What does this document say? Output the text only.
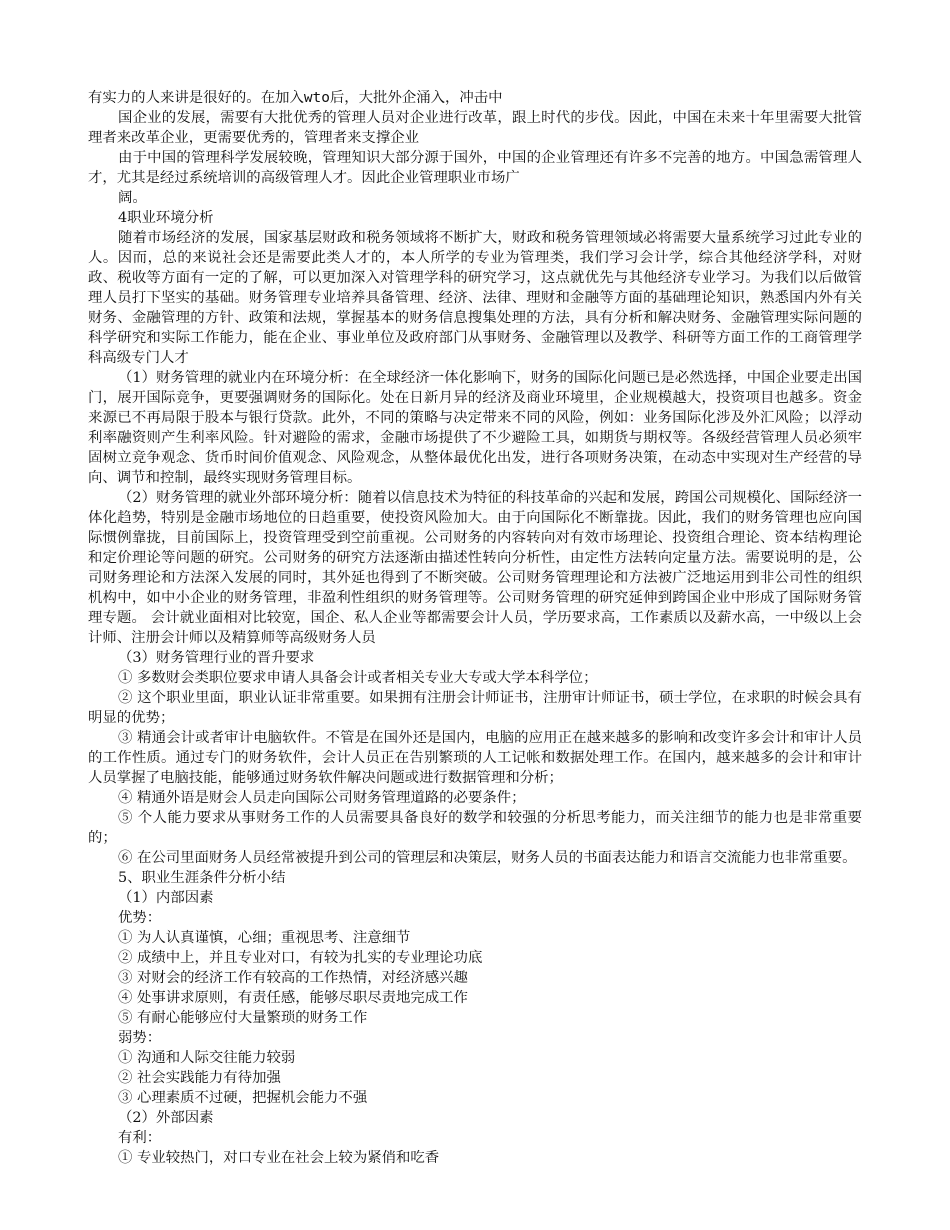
有实力的人来讲是很好的。在加入wto后，大批外企涌入，冲击中

国企业的发展，需要有大批优秀的管理人员对企业进行改革，跟上时代的步伐。因此，中国在未来十年里需要大批管理者来改革企业，更需要优秀的，管理者来支撑企业

由于中国的管理科学发展较晚，管理知识大部分源于国外，中国的企业管理还有许多不完善的地方。中国急需管理人才，尤其是经过系统培训的高级管理人才。因此企业管理职业市场广

阔。

4职业环境分析

随着市场经济的发展，国家基层财政和税务领域将不断扩大，财政和税务管理领域必将需要大量系统学习过此专业的人。因而，总的来说社会还是需要此类人才的，本人所学的专业为管理类，我们学习会计学，综合其他经济学科，对财政、税收等方面有一定的了解，可以更加深入对管理学科的研究学习，这点就优先与其他经济专业学习。为我们以后做管理人员打下坚实的基础。财务管理专业培养具备管理、经济、法律、理财和金融等方面的基础理论知识，熟悉国内外有关财务、金融管理的方针、政策和法规，掌握基本的财务信息搜集处理的方法，具有分析和解决财务、金融管理实际问题的科学研究和实际工作能力，能在企业、事业单位及政府部门从事财务、金融管理以及教学、科研等方面工作的工商管理学科高级专门人才

（1）财务管理的就业内在环境分析：在全球经济一体化影响下，财务的国际化问题已是必然选择，中国企业要走出国门，展开国际竞争，更要强调财务的国际化。处在日新月异的经济及商业环境里，企业规模越大，投资项目也越多。资金来源已不再局限于股本与银行贷款。此外，不同的策略与决定带来不同的风险，例如：业务国际化涉及外汇风险；以浮动利率融资则产生利率风险。针对避险的需求，金融市场提供了不少避险工具，如期货与期权等。各级经营管理人员必须牢固树立竞争观念、货币时间价值观念、风险观念，从整体最优化出发，进行各项财务决策，在动态中实现对生产经营的导向、调节和控制，最终实现财务管理目标。

（2）财务管理的就业外部环境分析：随着以信息技术为特征的科技革命的兴起和发展，跨国公司规模化、国际经济一体化趋势，特别是金融市场地位的日趋重要，使投资风险加大。由于向国际化不断靠拢。因此，我们的财务管理也应向国际惯例靠拢，目前国际上，投资管理受到空前重视。公司财务的内容转向对有效市场理论、投资组合理论、资本结构理论和定价理论等问题的研究。公司财务的研究方法逐渐由描述性转向分析性，由定性方法转向定量方法。需要说明的是，公司财务理论和方法深入发展的同时，其外延也得到了不断突破。公司财务管理理论和方法被广泛地运用到非公司性的组织机构中，如中小企业的财务管理，非盈利性组织的财务管理等。公司财务管理的研究延伸到跨国企业中形成了国际财务管理专题。 会计就业面相对比较宽，国企、私人企业等都需要会计人员，学历要求高，工作素质以及薪水高，一中级以上会计师、注册会计师以及精算师等高级财务人员

（3）财务管理行业的晋升要求

① 多数财会类职位要求申请人具备会计或者相关专业大专或大学本科学位；

② 这个职业里面，职业认证非常重要。如果拥有注册会计师证书，注册审计师证书，硕士学位，在求职的时候会具有明显的优势；

③ 精通会计或者审计电脑软件。不管是在国外还是国内，电脑的应用正在越来越多的影响和改变许多会计和审计人员的工作性质。通过专门的财务软件，会计人员正在告别繁琐的人工记帐和数据处理工作。在国内，越来越多的会计和审计人员掌握了电脑技能，能够通过财务软件解决问题或进行数据管理和分析；

④ 精通外语是财会人员走向国际公司财务管理道路的必要条件；

⑤ 个人能力要求从事财务工作的人员需要具备良好的数学和较强的分析思考能力，而关注细节的能力也是非常重要的；

⑥ 在公司里面财务人员经常被提升到公司的管理层和决策层，财务人员的书面表达能力和语言交流能力也非常重要。

5、职业生涯条件分析小结

（1）内部因素

优势：

① 为人认真谨慎，心细；重视思考、注意细节

② 成绩中上，并且专业对口，有较为扎实的专业理论功底

③ 对财会的经济工作有较高的工作热情，对经济感兴趣

④ 处事讲求原则，有责任感，能够尽职尽责地完成工作

⑤ 有耐心能够应付大量繁琐的财务工作

弱势：

① 沟通和人际交往能力较弱

② 社会实践能力有待加强

③ 心理素质不过硬，把握机会能力不强

（2）外部因素

有利：

① 专业较热门，对口专业在社会上较为紧俏和吃香
